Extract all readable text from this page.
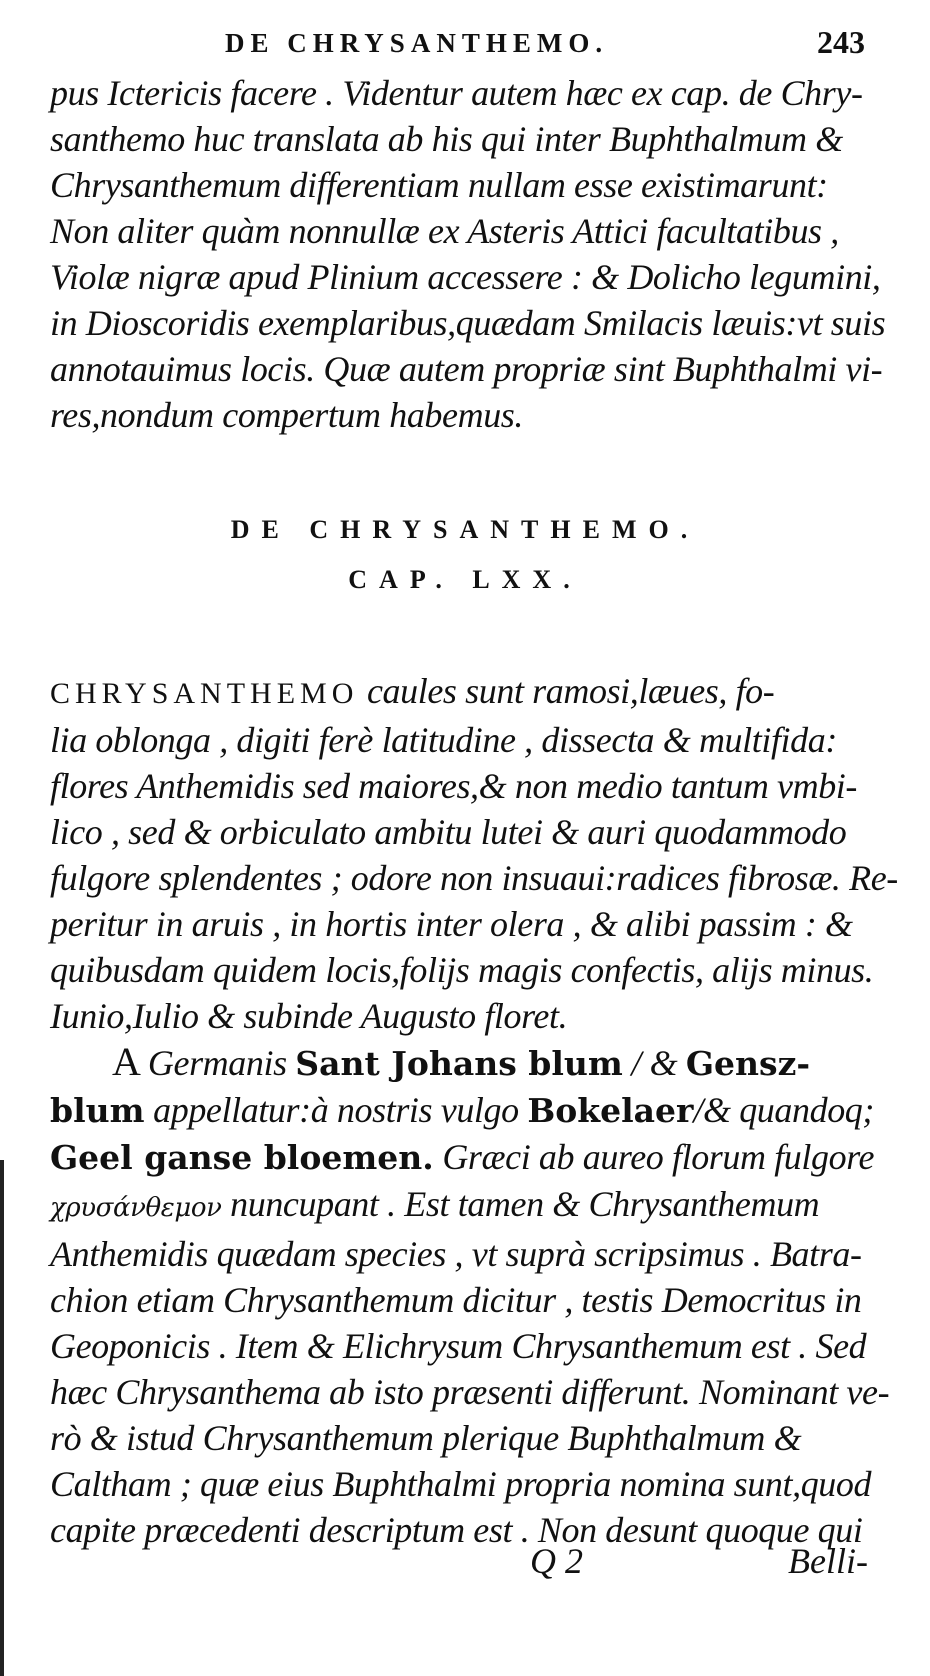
DE CHRYSANTHEMO.	243
pus Ictericis facere . Videntur autem hæc ex cap. de Chry-
santhemo huc translata ab his qui inter Buphthalmum &
Chrysanthemum differentiam nullam esse existimarunt:
Non aliter quàm nonnullæ ex Asteris Attici facultatibus ,
Violæ nigræ apud Plinium accessere : & Dolicho legumini,
in Dioscoridis exemplaribus,quædam Smilacis læuis:vt suis
annotauimus locis. Quæ autem propriæ sint Buphthalmi vi-
res,nondum compertum habemus.
DE CHRYSANTHEMO.
CAP. LXX.
CHRYSANTHEMO caules sunt ramosi,læues, fo-
lia oblonga , digiti ferè latitudine , dissecta & multifida:
flores Anthemidis sed maiores,& non medio tantum vmbi-
lico , sed & orbiculato ambitu lutei & auri quodammodo
fulgore splendentes ; odore non insuaui:radices fibrosæ. Re-
peritur in aruis , in hortis inter olera , & alibi passim : &
quibusdam quidem locis,folijs magis confectis, alijs minus.
Iunio,Iulio & subinde Augusto floret.
A Germanis Sant Johans blum / & Gensz-
blum appellatur:à nostris vulgo Bokelaer/& quandoq;
Geel ganse bloemen. Græci ab aureo florum fulgore
χρυσάνθεμον nuncupant . Est tamen & Chrysanthemum
Anthemidis quædam species , vt suprà scripsimus . Batra-
chion etiam Chrysanthemum dicitur , testis Democritus in
Geoponicis . Item & Elichrysum Chrysanthemum est . Sed
hæc Chrysanthema ab isto præsenti differunt. Nominant ve-
rò & istud Chrysanthemum plerique Buphthalmum &
Caltham ; quæ eius Buphthalmi propria nomina sunt,quod
capite præcedenti descriptum est . Non desunt quoque qui
Q 2	Belli-
